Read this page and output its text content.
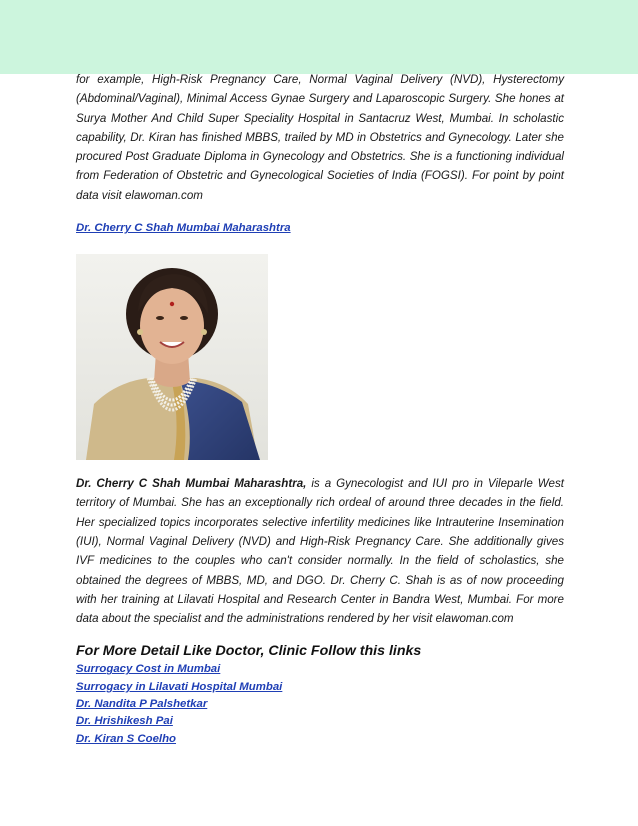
for example, High-Risk Pregnancy Care, Normal Vaginal Delivery (NVD), Hysterectomy (Abdominal/Vaginal), Minimal Access Gynae Surgery and Laparoscopic Surgery. She hones at Surya Mother And Child Super Speciality Hospital in Santacruz West, Mumbai. In scholastic capability, Dr. Kiran has finished MBBS, trailed by MD in Obstetrics and Gynecology. Later she procured Post Graduate Diploma in Gynecology and Obstetrics. She is a functioning individual from Federation of Obstetric and Gynecological Societies of India (FOGSI). For point by point data visit elawoman.com

Dr. Cherry C Shah Mumbai Maharashtra

Dr. Cherry C Shah Mumbai Maharashtra, is a Gynecologist and IUI pro in Vileparle West territory of Mumbai. She has an exceptionally rich ordeal of around three decades in the field. Her specialized topics incorporates selective infertility medicines like Intrauterine Insemination (IUI), Normal Vaginal Delivery (NVD) and High-Risk Pregnancy Care. She additionally gives IVF medicines to the couples who can't consider normally. In the field of scholastics, she obtained the degrees of MBBS, MD, and DGO. Dr. Cherry C. Shah is as of now proceeding with her training at Lilavati Hospital and Research Center in Bandra West, Mumbai. For more data about the specialist and the administrations rendered by her visit elawoman.com

For More Detail Like Doctor, Clinic Follow this links
Surrogacy Cost in Mumbai
Surrogacy in Lilavati Hospital Mumbai
Dr. Nandita P Palshetkar
Dr. Hrishikesh Pai
Dr. Kiran S Coelho
